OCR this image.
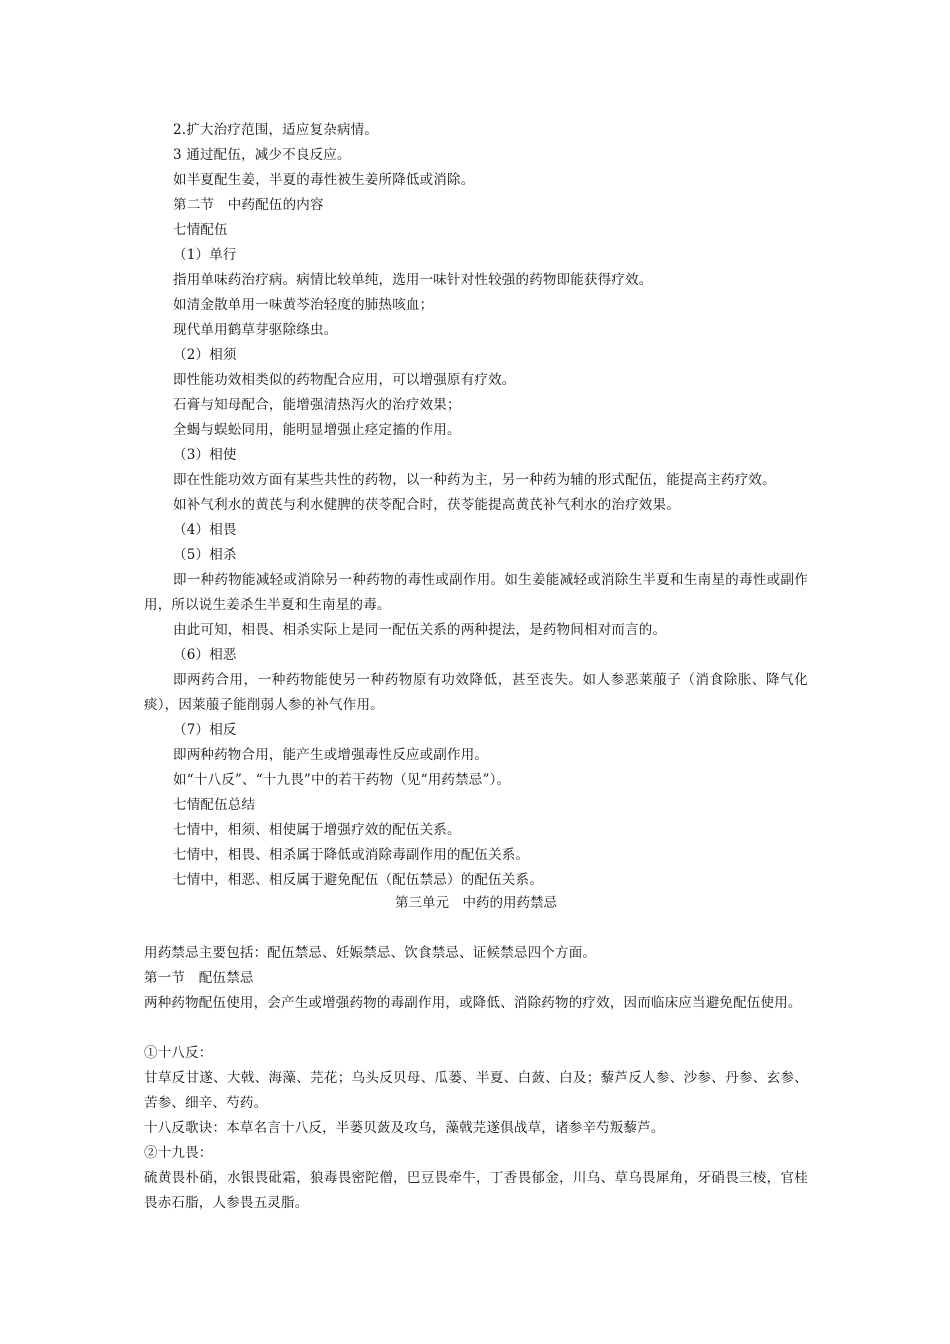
2.扩大治疗范围，适应复杂病情。
3 通过配伍，减少不良反应。
如半夏配生姜，半夏的毒性被生姜所降低或消除。
第二节　中药配伍的内容
七情配伍
（1）单行
指用单味药治疗病。病情比较单纯，选用一味针对性较强的药物即能获得疗效。
如清金散单用一味黄芩治轻度的肺热咳血；
现代单用鹤草芽驱除绦虫。
（2）相须
即性能功效相类似的药物配合应用，可以增强原有疗效。
石膏与知母配合，能增强清热泻火的治疗效果；
全蝎与蜈蚣同用，能明显增强止痉定搐的作用。
（3）相使
即在性能功效方面有某些共性的药物，以一种药为主，另一种药为辅的形式配伍，能提高主药疗效。
如补气利水的黄芪与利水健脾的茯苓配合时，茯苓能提高黄芪补气利水的治疗效果。
（4）相畏
（5）相杀
即一种药物能减轻或消除另一种药物的毒性或副作用。如生姜能减轻或消除生半夏和生南星的毒性或副作用，所以说生姜杀生半夏和生南星的毒。
由此可知，相畏、相杀实际上是同一配伍关系的两种提法，是药物间相对而言的。
（6）相恶
即两药合用，一种药物能使另一种药物原有功效降低，甚至丧失。如人参恶莱菔子（消食除胀、降气化痰），因莱菔子能削弱人参的补气作用。
（7）相反
即两种药物合用，能产生或增强毒性反应或副作用。
如“十八反”、“十九畏”中的若干药物（见“用药禁忌”）。
七情配伍总结
七情中，相须、相使属于增强疗效的配伍关系。
七情中，相畏、相杀属于降低或消除毒副作用的配伍关系。
七情中，相恶、相反属于避免配伍（配伍禁忌）的配伍关系。
第三单元　中药的用药禁忌
用药禁忌主要包括：配伍禁忌、妊娠禁忌、饮食禁忌、证候禁忌四个方面。
第一节　配伍禁忌
两种药物配伍使用，会产生或增强药物的毒副作用，或降低、消除药物的疗效，因而临床应当避免配伍使用。
①十八反：
甘草反甘遂、大戟、海藻、芫花；乌头反贝母、瓜蒌、半夏、白蔹、白及；藜芦反人参、沙参、丹参、玄参、苦参、细辛、芍药。
十八反歌诀：本草名言十八反，半蒌贝蔹及攻乌，藻戟芫遂俱战草，诸参辛芍叛藜芦。
②十九畏：
硫黄畏朴硝，水银畏砒霜，狼毒畏密陀僧，巴豆畏牵牛，丁香畏郁金，川乌、草乌畏犀角，牙硝畏三棱，官桂畏赤石脂，人参畏五灵脂。
